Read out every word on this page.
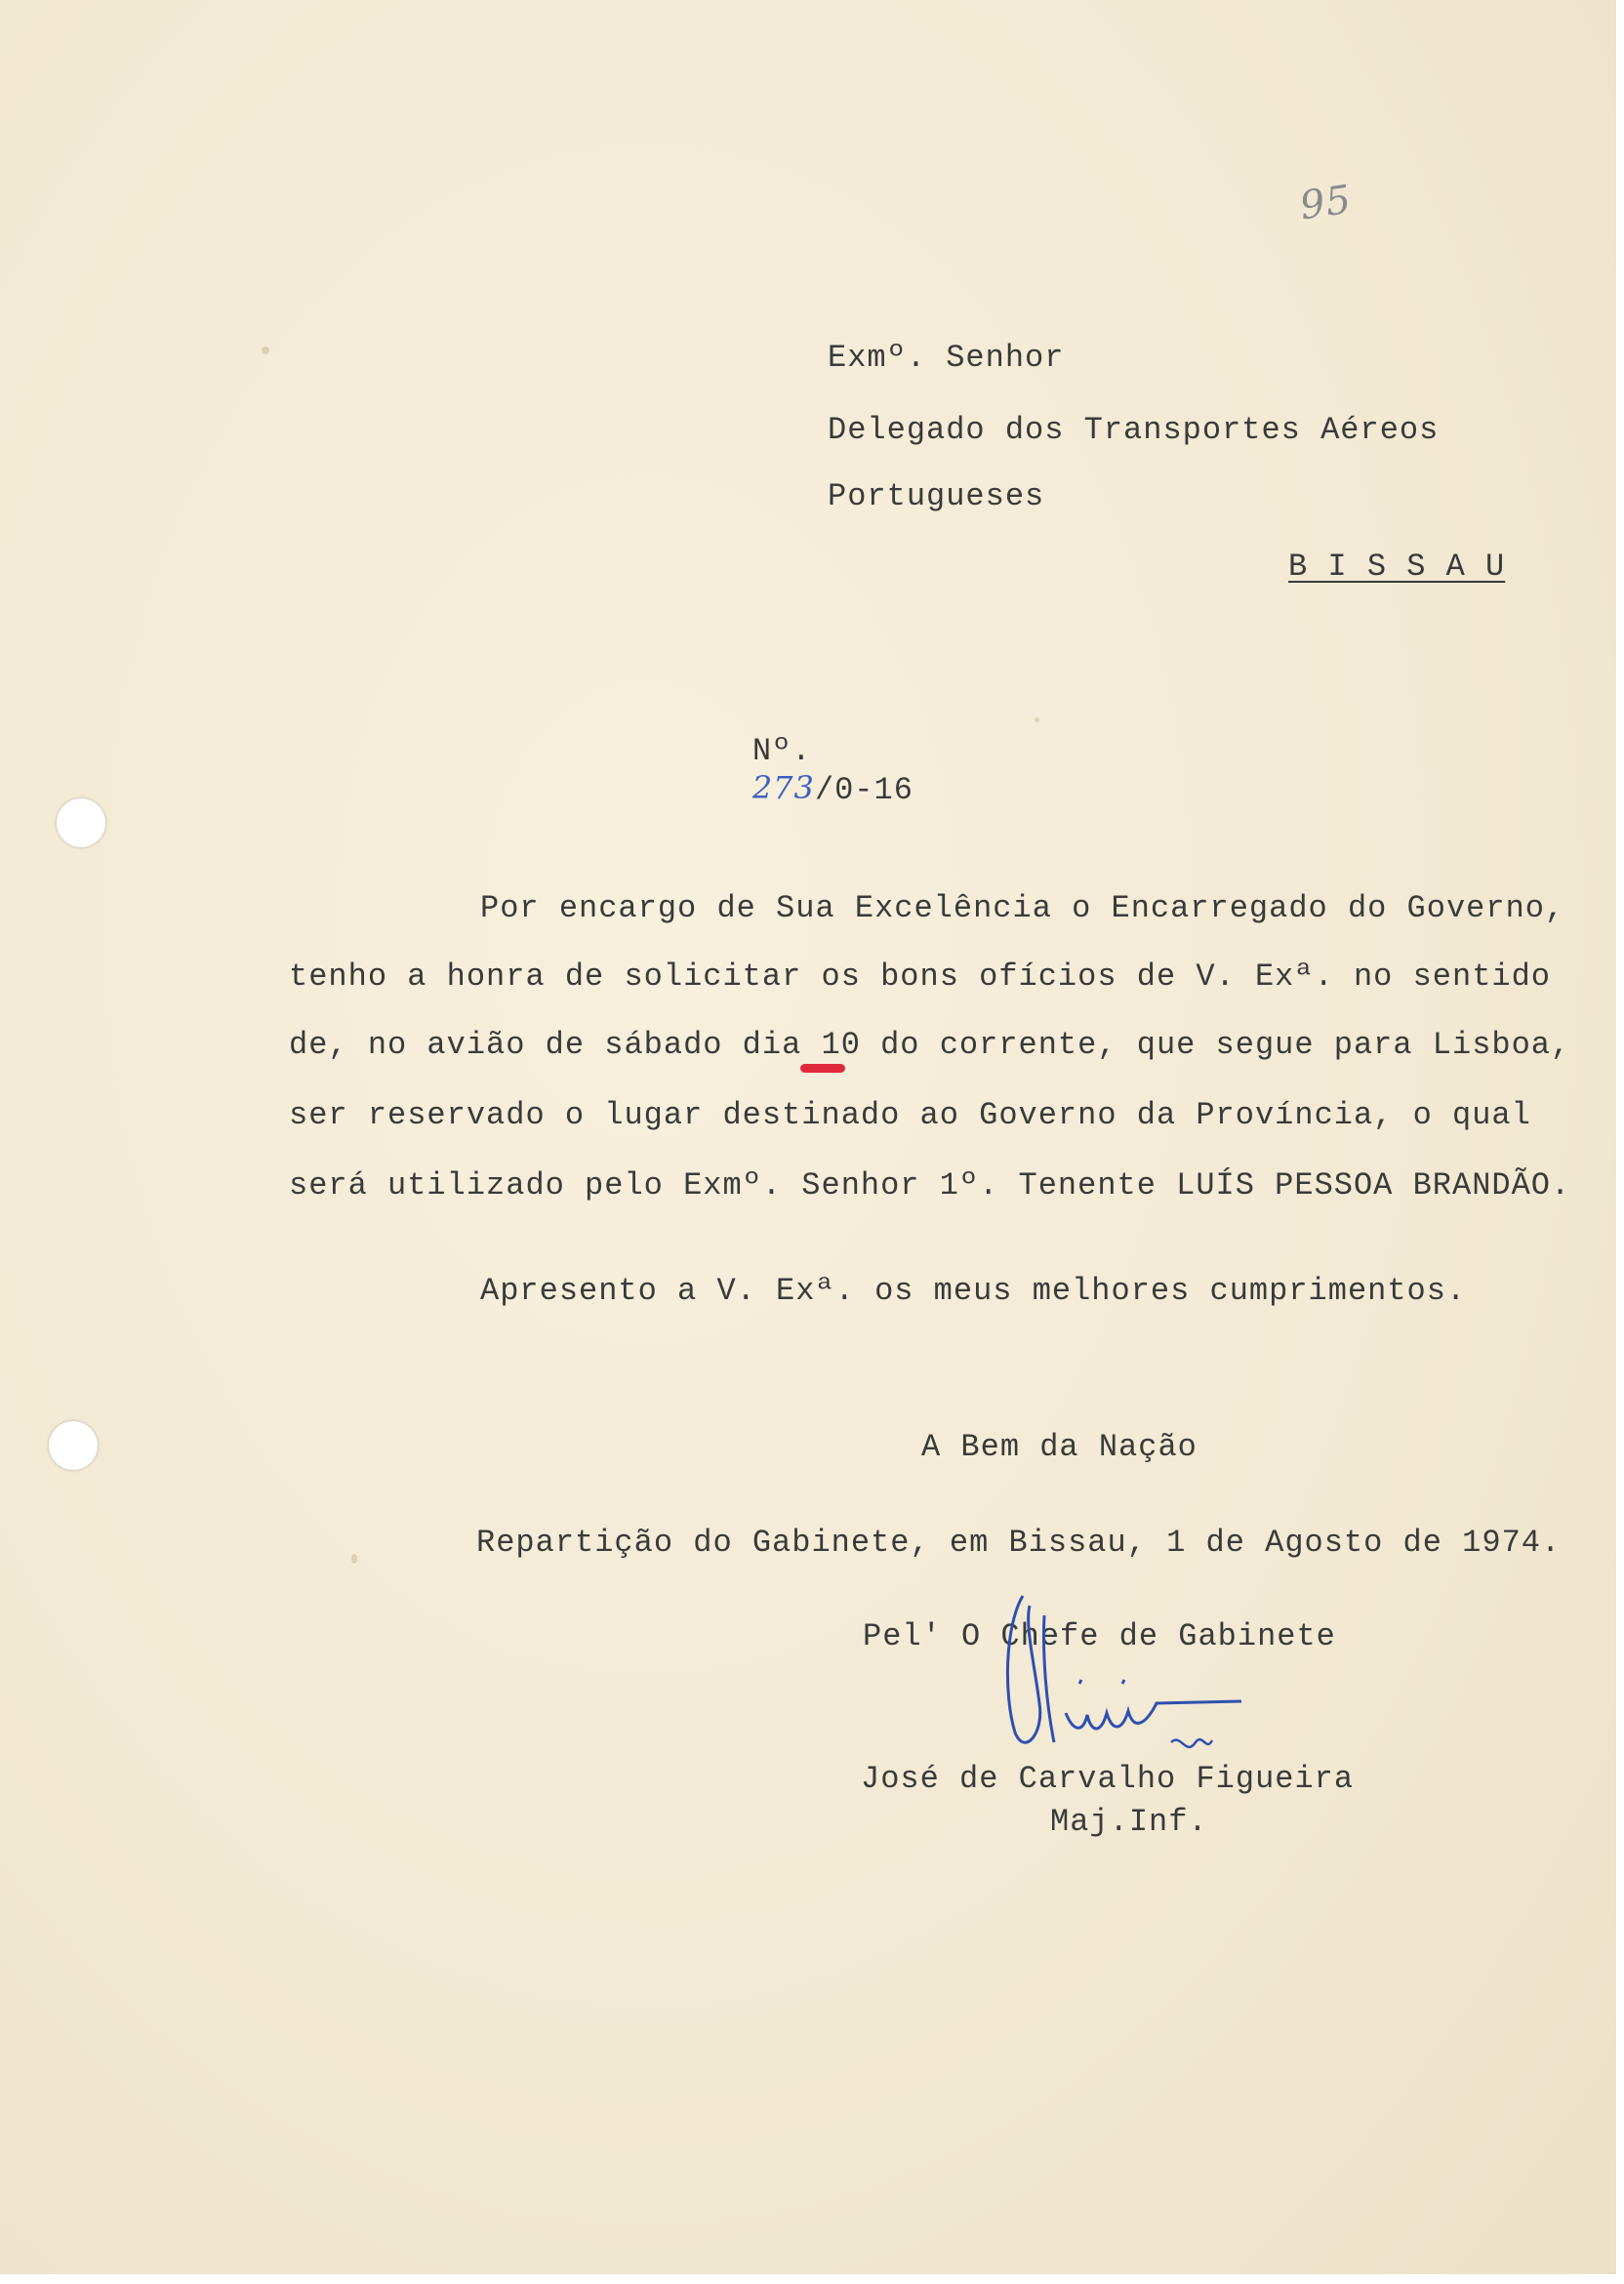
95
Exmº. Senhor
Delegado dos Transportes Aéreos
Portugueses
B I S S A U

Nº.
273/0-16

Por encargo de Sua Excelência o Encarregado do Governo,
tenho a honra de solicitar os bons ofícios de V. Exª. no sentido
de, no avião de sábado dia 10 do corrente, que segue para Lisboa,
ser reservado o lugar destinado ao Governo da Província, o qual
será utilizado pelo Exmº. Senhor 1º. Tenente LUÍS PESSOA BRANDÃO.
Apresento a V. Exª. os meus melhores cumprimentos.
A Bem da Nação
Repartição do Gabinete, em Bissau, 1 de Agosto de 1974.
Pel' O Chefe de Gabinete
José de Carvalho Figueira
Maj.Inf.
